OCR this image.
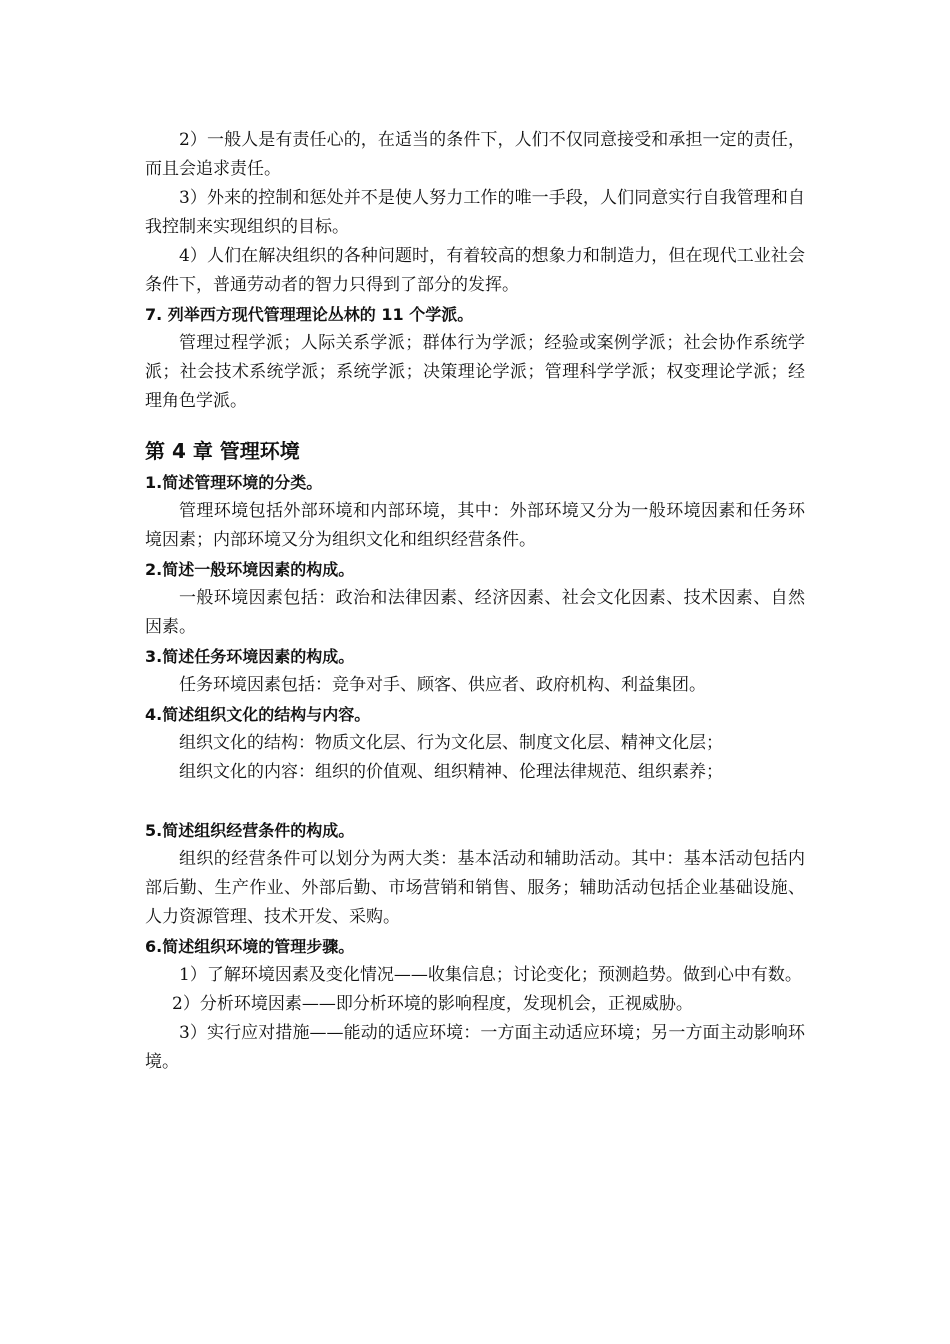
2）一般人是有责任心的，在适当的条件下，人们不仅同意接受和承担一定的责任，而且会追求责任。

3）外来的控制和惩处并不是使人努力工作的唯一手段，人们同意实行自我管理和自我控制来实现组织的目标。

4）人们在解决组织的各种问题时，有着较高的想象力和制造力，但在现代工业社会条件下，普通劳动者的智力只得到了部分的发挥。

7. 列举西方现代管理理论丛林的 11 个学派。

管理过程学派；人际关系学派；群体行为学派；经验或案例学派；社会协作系统学派；社会技术系统学派；系统学派；决策理论学派；管理科学学派；权变理论学派；经理角色学派。

第 4 章 管理环境

1.简述管理环境的分类。

管理环境包括外部环境和内部环境，其中：外部环境又分为一般环境因素和任务环境因素；内部环境又分为组织文化和组织经营条件。

2.简述一般环境因素的构成。

一般环境因素包括：政治和法律因素、经济因素、社会文化因素、技术因素、自然因素。

3.简述任务环境因素的构成。

任务环境因素包括：竞争对手、顾客、供应者、政府机构、利益集团。

4.简述组织文化的结构与内容。

组织文化的结构：物质文化层、行为文化层、制度文化层、精神文化层；

组织文化的内容：组织的价值观、组织精神、伦理法律规范、组织素养；

5.简述组织经营条件的构成。

组织的经营条件可以划分为两大类：基本活动和辅助活动。其中：基本活动包括内部后勤、生产作业、外部后勤、市场营销和销售、服务；辅助活动包括企业基础设施、人力资源管理、技术开发、采购。

6.简述组织环境的管理步骤。

1）了解环境因素及变化情况——收集信息；讨论变化；预测趋势。做到心中有数。

2）分析环境因素——即分析环境的影响程度，发现机会，正视威胁。

3）实行应对措施——能动的适应环境：一方面主动适应环境；另一方面主动影响环境。
